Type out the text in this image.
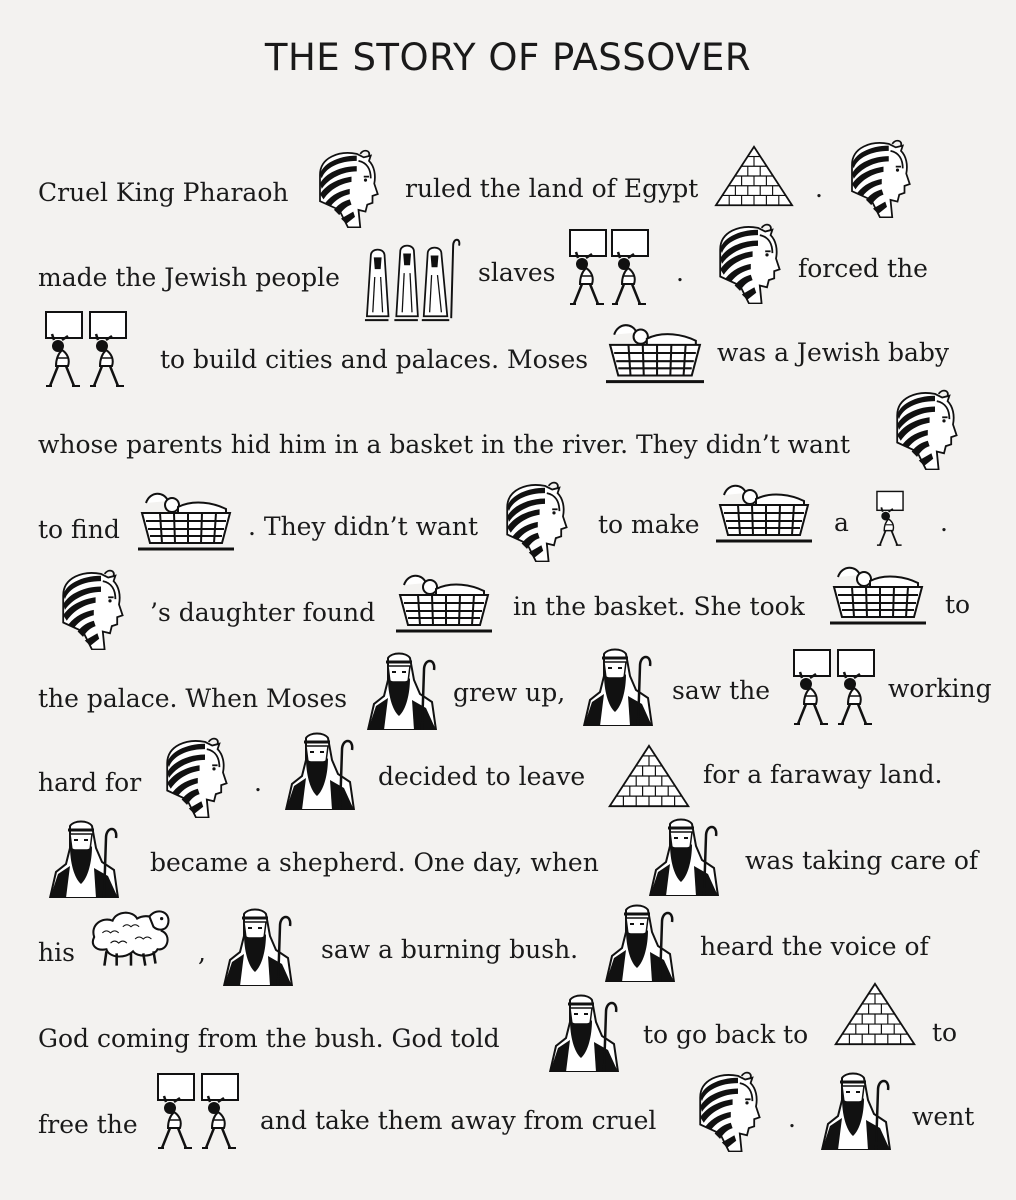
THE STORY OF PASSOVER
Cruel King Pharaoh	ruled the land of Egypt	.
made the Jewish people	slaves	.	forced the
to build cities and palaces. Moses	was a Jewish baby
whose parents hid him in a basket in the river. They didn’t want
to find	. They didn’t want	to make	a	.
’s daughter found	in the basket. She took	to
the palace. When Moses	grew up,	saw the	working
hard for	.	decided to leave	for a faraway land.
became a shepherd. One day, when	was taking care of
his	,	saw a burning bush.	heard the voice of
God coming from the bush. God told	to go back to	to
free the	and take them away from cruel	.	went
